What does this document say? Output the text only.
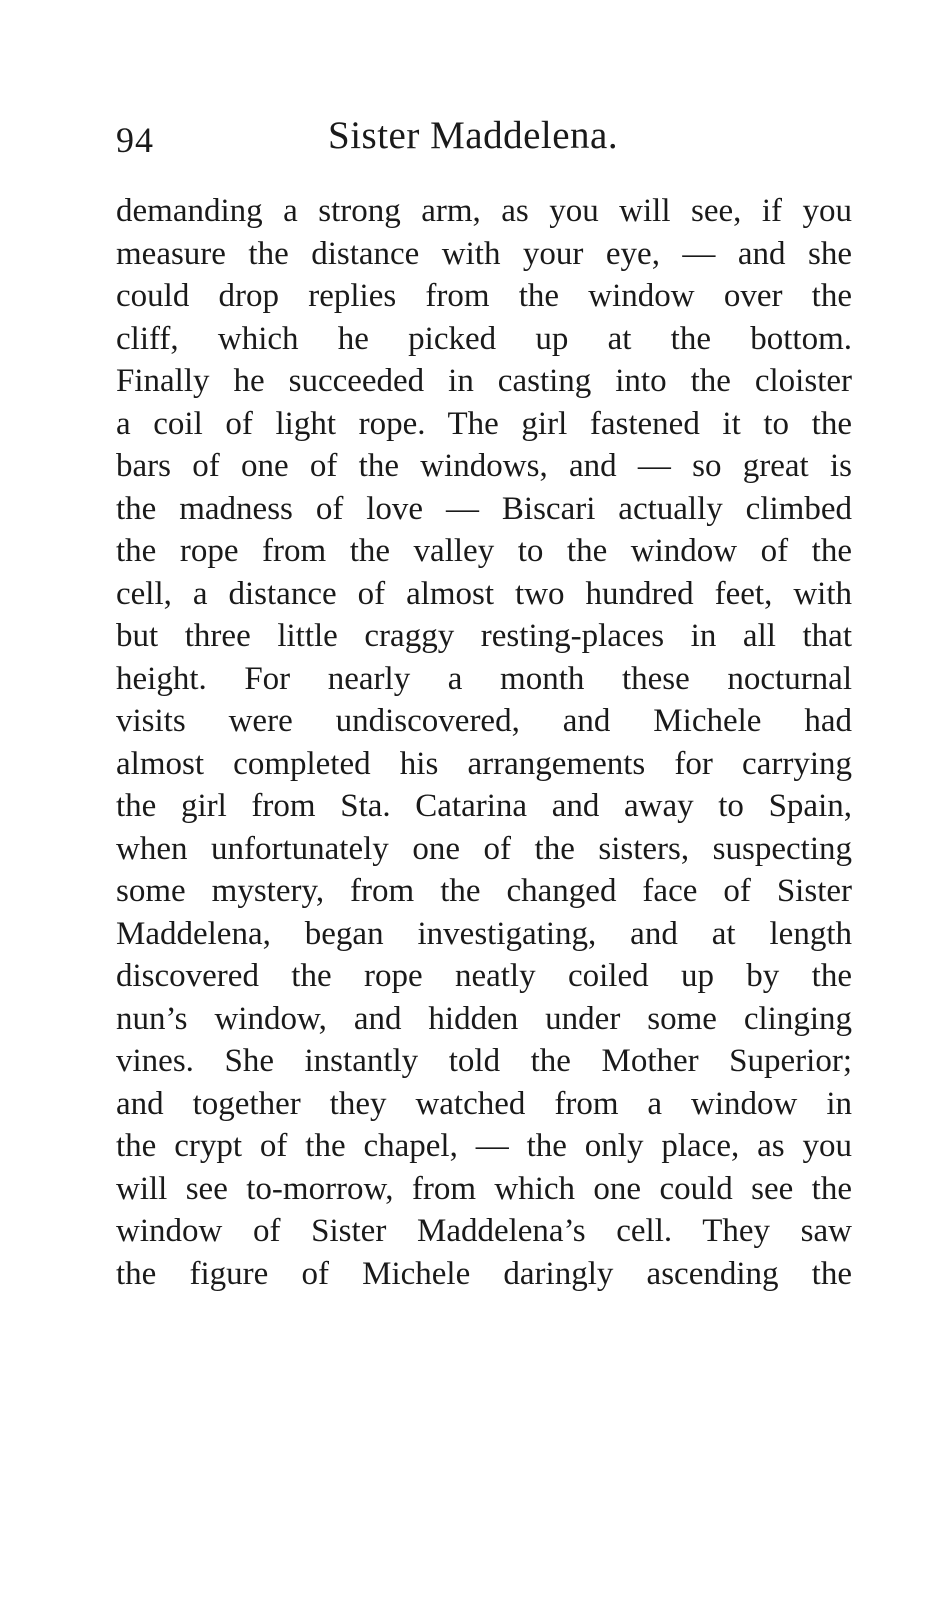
94	Sister Maddelena.
demanding a strong arm, as you will see, if you
measure the distance with your eye, — and she
could drop replies from the window over the
cliff, which he picked up at the bottom.
Finally he succeeded in casting into the cloister
a coil of light rope. The girl fastened it to the
bars of one of the windows, and — so great is
the madness of love — Biscari actually climbed
the rope from the valley to the window of the
cell, a distance of almost two hundred feet, with
but three little craggy resting-places in all that
height. For nearly a month these nocturnal
visits were undiscovered, and Michele had
almost completed his arrangements for carrying
the girl from Sta. Catarina and away to Spain,
when unfortunately one of the sisters, suspecting
some mystery, from the changed face of Sister
Maddelena, began investigating, and at length
discovered the rope neatly coiled up by the
nun’s window, and hidden under some clinging
vines. She instantly told the Mother Superior;
and together they watched from a window in
the crypt of the chapel, — the only place, as you
will see to-morrow, from which one could see the
window of Sister Maddelena’s cell. They saw
the figure of Michele daringly ascending the
